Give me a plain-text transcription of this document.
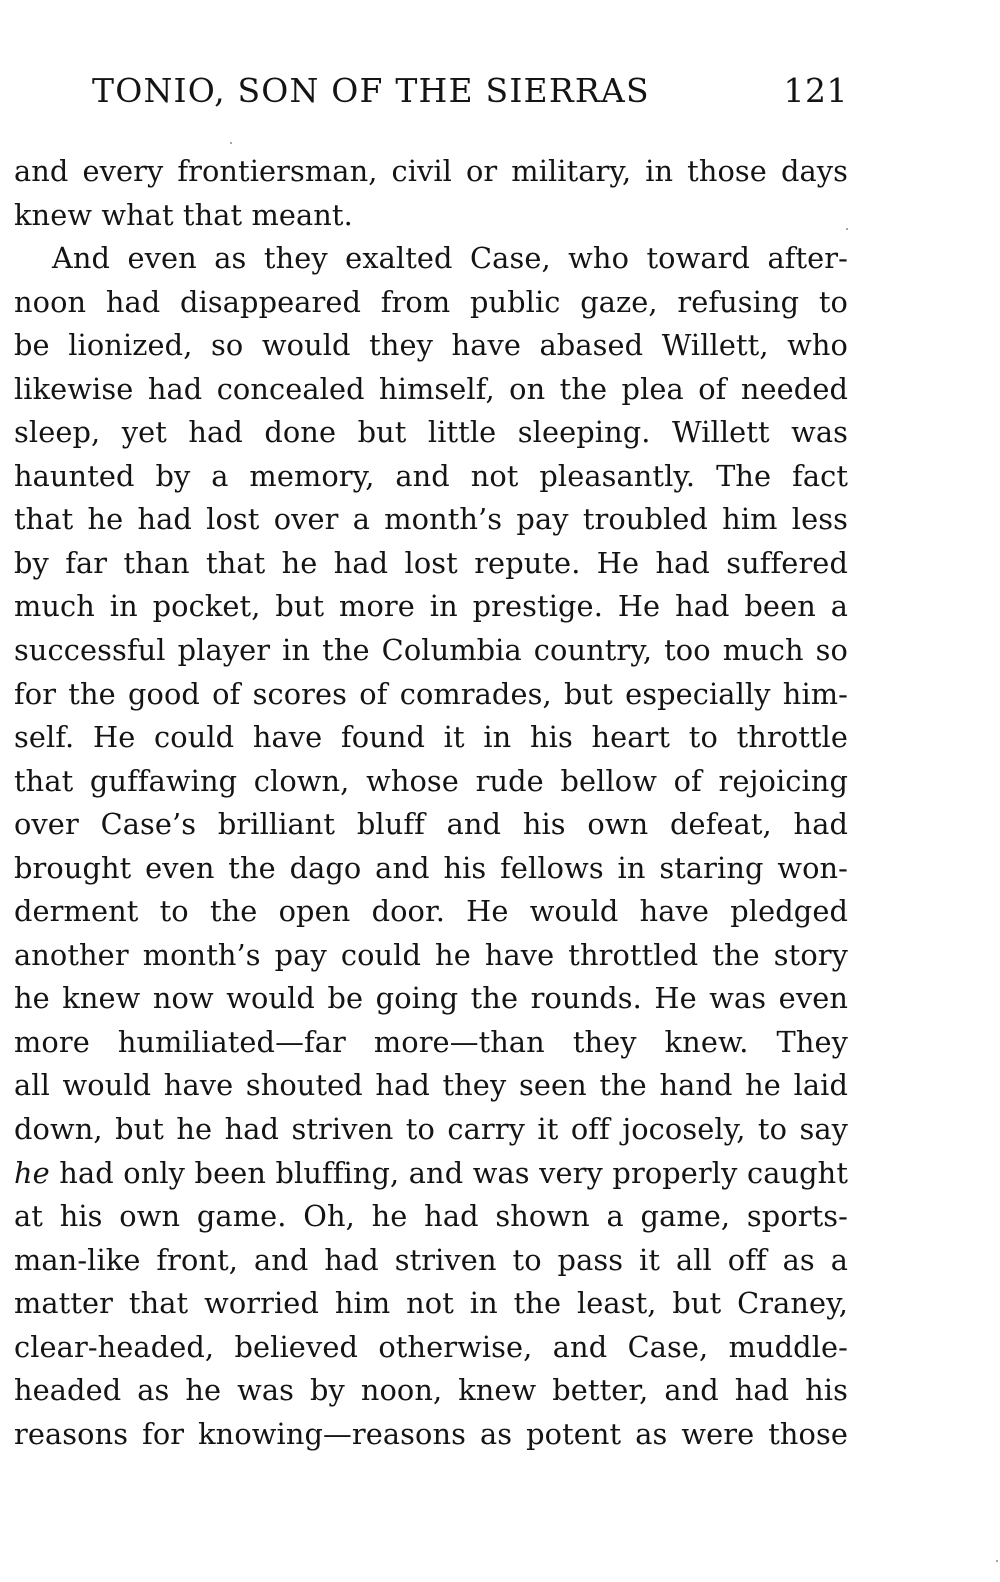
TONIO, SON OF THE SIERRAS	121
and every frontiersman, civil or military, in those days
knew what that meant.
And even as they exalted Case, who toward after-
noon had disappeared from public gaze, refusing to
be lionized, so would they have abased Willett, who
likewise had concealed himself, on the plea of needed
sleep, yet had done but little sleeping. Willett was
haunted by a memory, and not pleasantly. The fact
that he had lost over a month’s pay troubled him less
by far than that he had lost repute. He had suffered
much in pocket, but more in prestige. He had been a
successful player in the Columbia country, too much so
for the good of scores of comrades, but especially him-
self. He could have found it in his heart to throttle
that guffawing clown, whose rude bellow of rejoicing
over Case’s brilliant bluff and his own defeat, had
brought even the dago and his fellows in staring won-
derment to the open door. He would have pledged
another month’s pay could he have throttled the story
he knew now would be going the rounds. He was even
more humiliated—far more—than they knew. They
all would have shouted had they seen the hand he laid
down, but he had striven to carry it off jocosely, to say
he had only been bluffing, and was very properly caught
at his own game. Oh, he had shown a game, sports-
man-like front, and had striven to pass it all off as a
matter that worried him not in the least, but Craney,
clear-headed, believed otherwise, and Case, muddle-
headed as he was by noon, knew better, and had his
reasons for knowing—reasons as potent as were those
